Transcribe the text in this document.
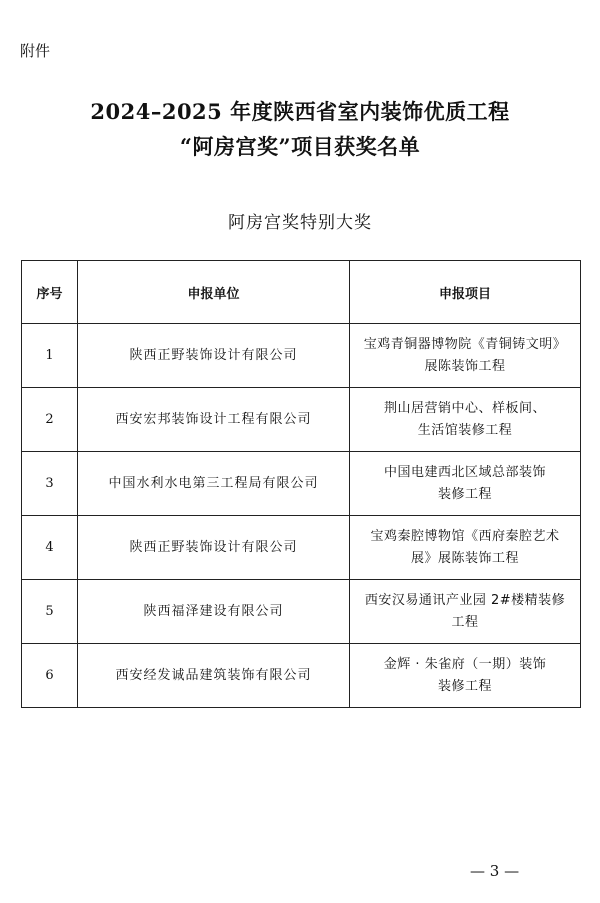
附件
2024–2025 年度陕西省室内装饰优质工程
“阿房宫奖”项目获奖名单
阿房宫奖特别大奖
序号	申报单位	申报项目
1	陕西正野装饰设计有限公司	宝鸡青铜器博物院《青铜铸文明》
展陈装饰工程

2	西安宏邦装饰设计工程有限公司	荆山居营销中心、样板间、
生活馆装修工程

3	中国水利水电第三工程局有限公司	中国电建西北区域总部装饰
装修工程

4	陕西正野装饰设计有限公司	宝鸡秦腔博物馆《西府秦腔艺术
展》展陈装饰工程

5	陕西福泽建设有限公司	西安汉易通讯产业园 2#楼精装修
工程

6	西安经发诚品建筑装饰有限公司	金辉 · 朱雀府（一期）装饰
装修工程
— 3 —
